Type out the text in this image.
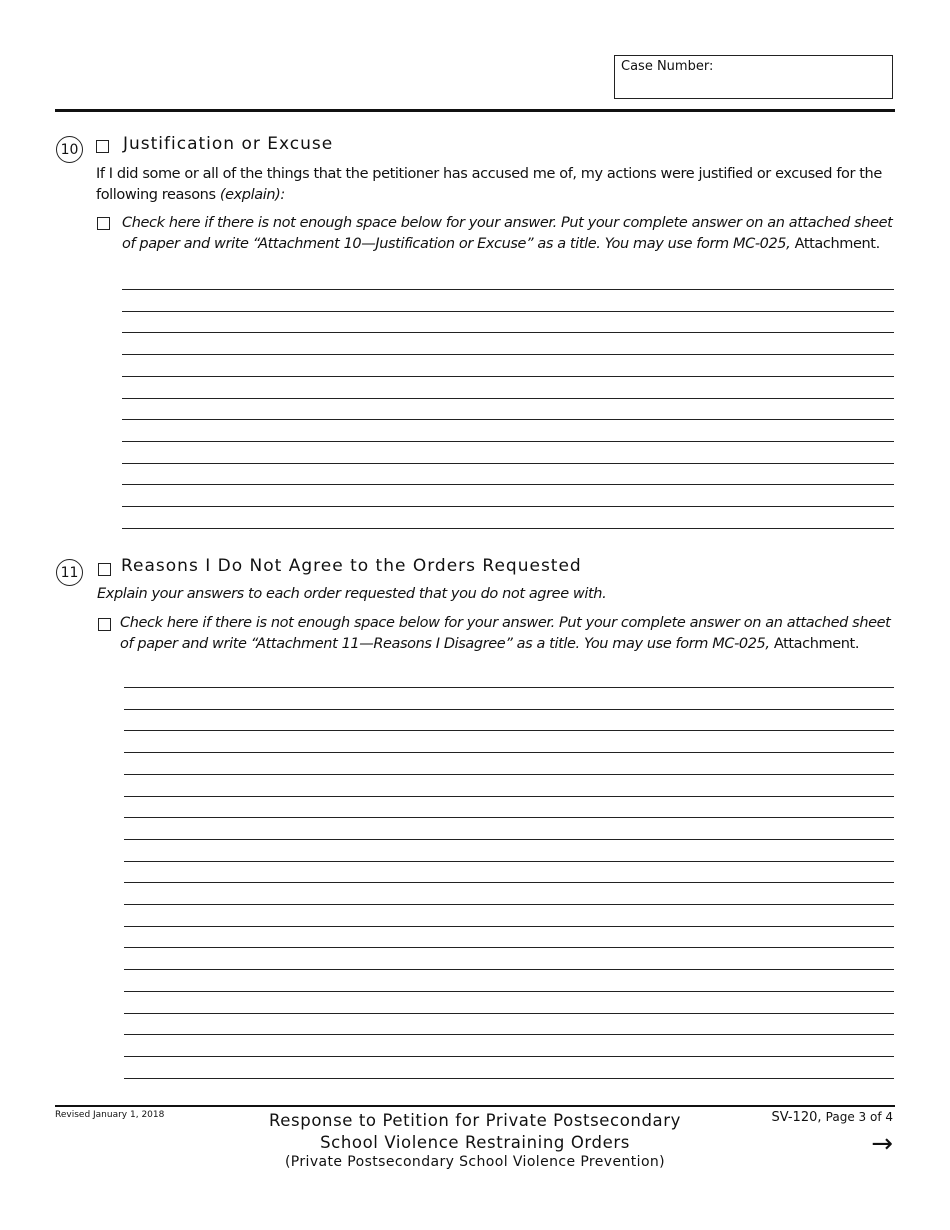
Case Number:
10	Justification or Excuse
If I did some or all of the things that the petitioner has accused me of, my actions were justified or excused for the following reasons (explain):
Check here if there is not enough space below for your answer. Put your complete answer on an attached sheet of paper and write “Attachment 10—Justification or Excuse” as a title. You may use form MC-025, Attachment.
11	Reasons I Do Not Agree to the Orders Requested
Explain your answers to each order requested that you do not agree with.
Check here if there is not enough space below for your answer. Put your complete answer on an attached sheet of paper and write “Attachment 11—Reasons I Disagree” as a title. You may use form MC-025, Attachment.
Revised January 1, 2018	Response to Petition for Private Postsecondary
School Violence Restraining Orders
(Private Postsecondary School Violence Prevention)
SV-120, Page 3 of 4
→
